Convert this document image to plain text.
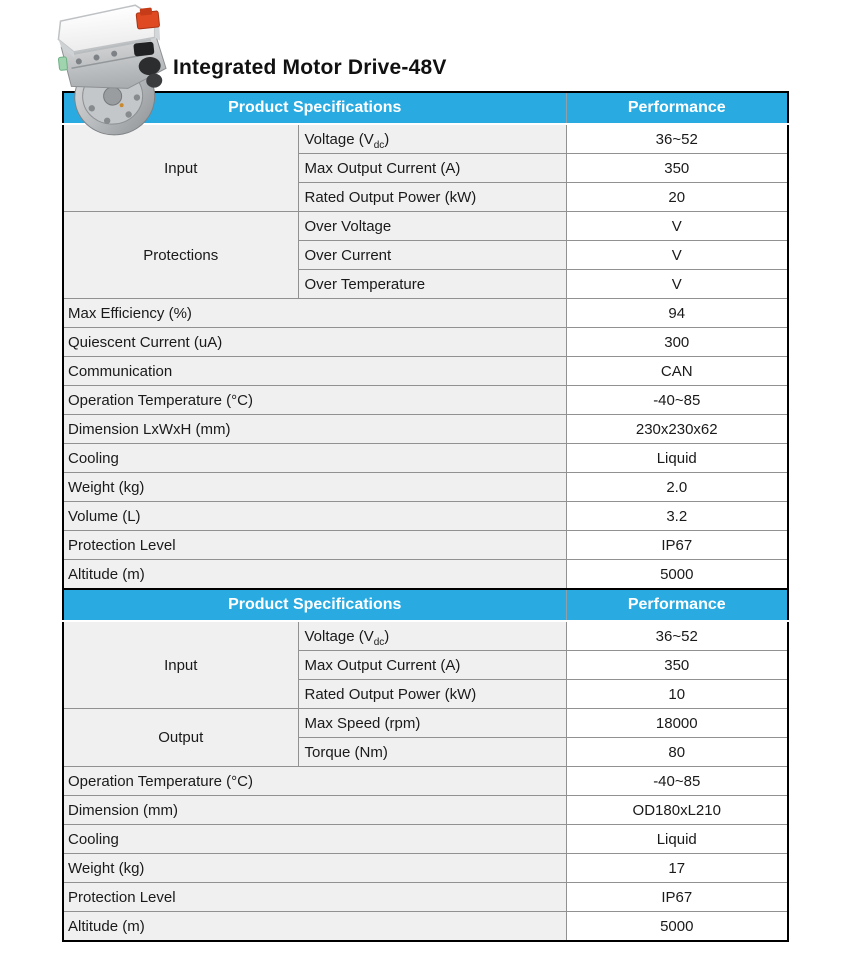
Integrated Motor Drive-48V
Product Specifications		Performance
Input	Voltage $(V_{dc})$	36~52
	Max Output Current (A)	350
	Rated Output Power (kW)	20
Protections	Over Voltage	V
	Over Current	V
	Over Temperature	V
Max Efficiency (%)		94
Quiescent Current (uA)		300
Communication		CAN
Operation Temperature (°C)		-40~85
Dimension LxWxH (mm)		230x230x62
Cooling		Liquid
Weight (kg)		2.0
Volume (L)		3.2
Protection Level		IP67
Altitude (m)		5000
Product Specifications		Performance
Input	Voltage $(V_{dc})$	36~52
	Max Output Current (A)	350
	Rated Output Power (kW)	10
Output	Max Speed (rpm)	18000
	Torque (Nm)	80
Operation Temperature (°C)		-40~85
Dimension (mm)		OD180xL210
Cooling		Liquid
Weight (kg)		17
Protection Level		IP67
Altitude (m)		5000
